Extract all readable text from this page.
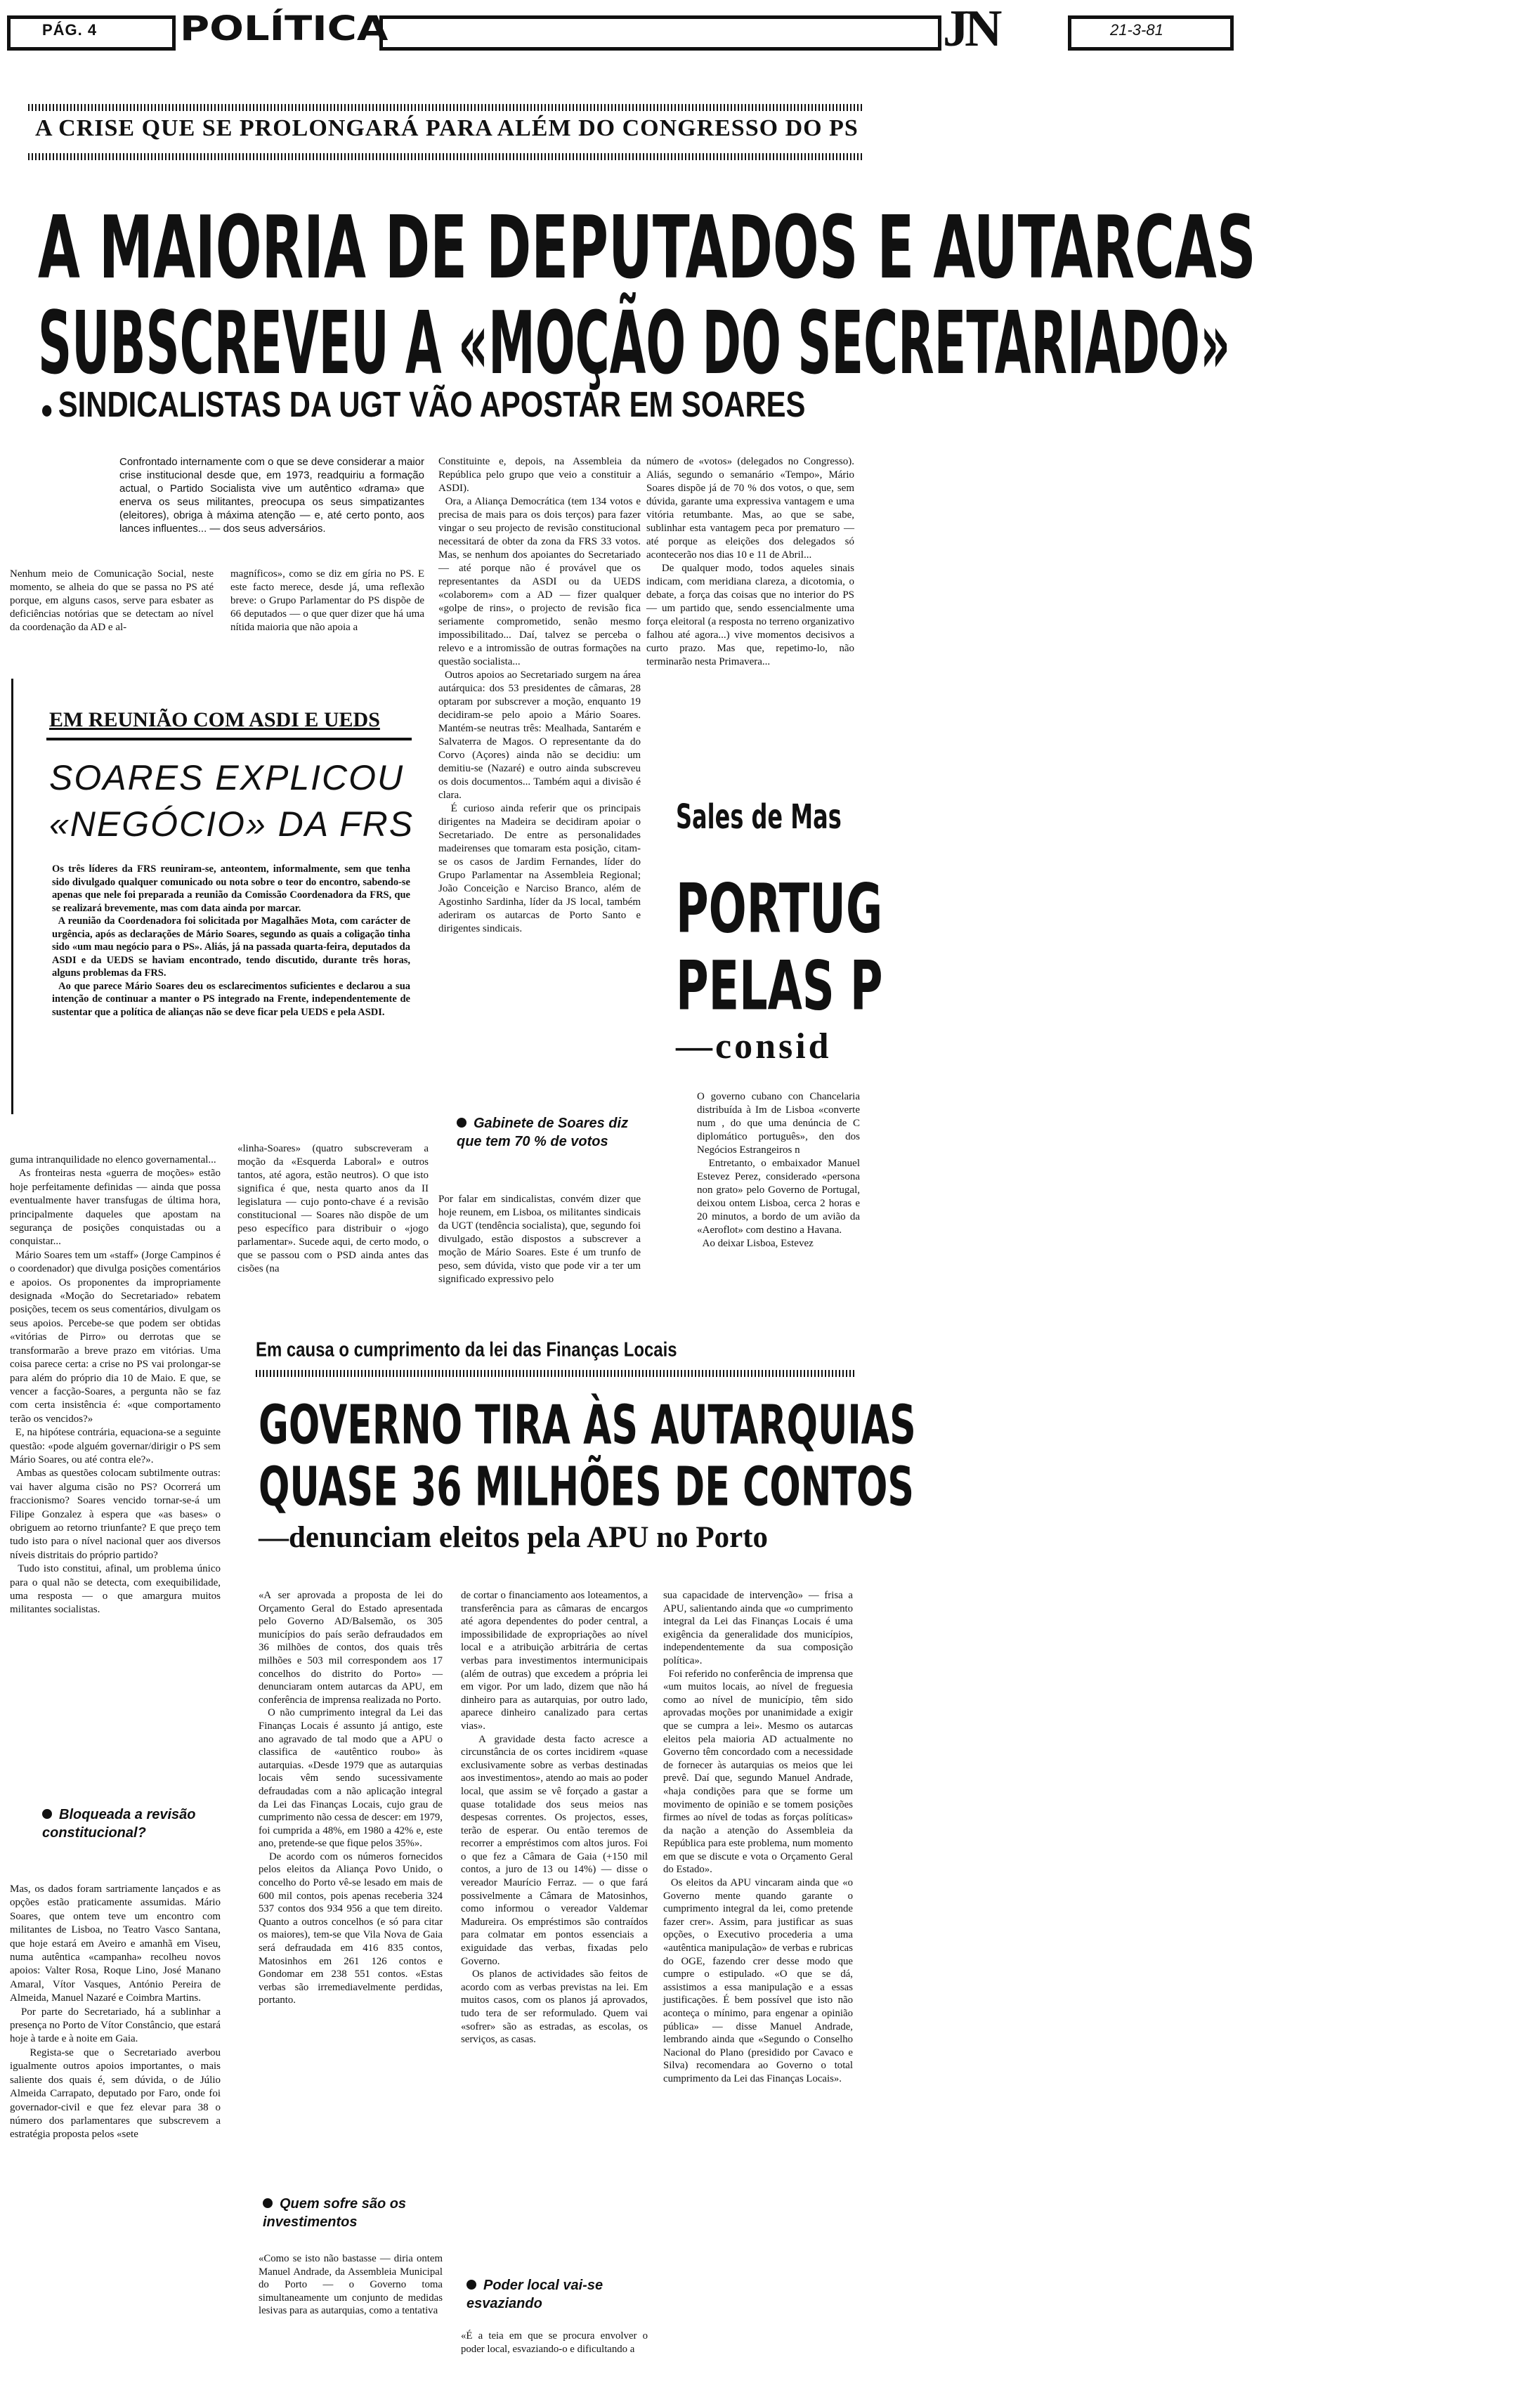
PÁG. 4	POLÍTICA	JN	21-3-81
A CRISE QUE SE PROLONGARÁ PARA ALÉM DO CONGRESSO DO PS
A MAIORIA DE DEPUTADOS E AUTARCAS
SUBSCREVEU A «MOÇÃO DO SECRETARIADO»
SINDICALISTAS DA UGT VÃO APOSTAR EM SOARES
Confrontado internamente com o que se deve considerar a maior crise institucional desde que, em 1973, readquiriu a formação actual, o Partido Socialista vive um autêntico «drama» que enerva os seus militantes, preocupa os seus simpatizantes (eleitores), obriga à máxima atenção — e, até certo ponto, aos lances influentes... — dos seus adversários.
Nenhum meio de Comunicação Social, neste momento, se alheia do que se passa no PS até porque, em alguns casos, serve para esbater as deficiências notórias que se detectam ao nível da coordenação da AD e al-
magníficos», como se diz em gíria no PS. E este facto merece, desde já, uma reflexão breve: o Grupo Parlamentar do PS dispõe de 66 deputados — o que quer dizer que há uma nítida maioria que não apoia a
Constituinte e, depois, na Assembleia da República pelo grupo que veio a constituir a ASDI).
Ora, a Aliança Democrática (tem 134 votos e precisa de mais para os dois terços) para fazer vingar o seu projecto de revisão constitucional necessitará de obter da zona da FRS 33 votos. Mas, se nenhum dos apoiantes do Secretariado — até porque não é provável que os representantes da ASDI ou da UEDS «colaborem» com a AD — fizer qualquer «golpe de rins», o projecto de revisão fica seriamente comprometido, senão mesmo impossibilitado... Daí, talvez se perceba o relevo e a intromissão de outras formações na questão socialista...
Outros apoios ao Secretariado surgem na área autárquica: dos 53 presidentes de câmaras, 28 optaram por subscrever a moção, enquanto 19 decidiram-se pelo apoio a Mário Soares. Mantém-se neutras três: Mealhada, Santarém e Salvaterra de Magos. O representante da do Corvo (Açores) ainda não se decidiu: um demitiu-se (Nazaré) e outro ainda subscreveu os dois documentos... Também aqui a divisão é clara.
É curioso ainda referir que os principais dirigentes na Madeira se decidiram apoiar o Secretariado. De entre as personalidades madeirenses que tomaram esta posição, citam-se os casos de Jardim Fernandes, líder do Grupo Parlamentar na Assembleia Regional; João Conceição e Narciso Branco, além de Agostinho Sardinha, líder da JS local, também aderiram os autarcas de Porto Santo e dirigentes sindicais.
número de «votos» (delegados no Congresso). Aliás, segundo o semanário «Tempo», Mário Soares dispõe já de 70 % dos votos, o que, sem dúvida, garante uma expressiva vantagem e uma vitória retumbante. Mas, ao que se sabe, sublinhar esta vantagem peca por prematuro — até porque as eleições dos delegados só acontecerão nos dias 10 e 11 de Abril...
De qualquer modo, todos aqueles sinais indicam, com meridiana clareza, a dicotomia, o debate, a força das coisas que no interior do PS — um partido que, sendo essencialmente uma força eleitoral (a resposta no terreno organizativo falhou até agora...) vive momentos decisivos a curto prazo. Mas que, repetimo-lo, não terminarão nesta Primavera...
EM REUNIÃO COM ASDI E UEDS
SOARES EXPLICOU «NEGÓCIO» DA FRS
Os três líderes da FRS reuniram-se, anteontem, informalmente, sem que tenha sido divulgado qualquer comunicado ou nota sobre o teor do encontro, sabendo-se apenas que nele foi preparada a reunião da Comissão Coordenadora da FRS, que se realizará brevemente, mas com data ainda por marcar.
A reunião da Coordenadora foi solicitada por Magalhães Mota, com carácter de urgência, após as declarações de Mário Soares, segundo as quais a coligação tinha sido «um mau negócio para o PS». Aliás, já na passada quarta-feira, deputados da ASDI e da UEDS se haviam encontrado, tendo discutido, durante três horas, alguns problemas da FRS.
Ao que parece Mário Soares deu os esclarecimentos suficientes e declarou a sua intenção de continuar a manter o PS integrado na Frente, independentemente de sustentar que a política de alianças não se deve ficar pela UEDS e pela ASDI.
guma intranquilidade no elenco governamental...
As fronteiras nesta «guerra de moções» estão hoje perfeitamente definidas — ainda que possa eventualmente haver transfugas de última hora, principalmente daqueles que apostam na segurança de posições conquistadas ou a conquistar...
Mário Soares tem um «staff» (Jorge Campinos é o coordenador) que divulga posições comentários e apoios. Os proponentes da impropriamente designada «Moção do Secretariado» rebatem posições, tecem os seus comentários, divulgam os seus apoios. Percebe-se que podem ser obtidas «vitórias de Pirro» ou derrotas que se transformarão a breve prazo em vitórias. Uma coisa parece certa: a crise no PS vai prolongar-se para além do próprio dia 10 de Maio. E que, se vencer a facção-Soares, a pergunta não se faz com certa insistência é: «que comportamento terão os vencidos?»
E, na hipótese contrária, equaciona-se a seguinte questão: «pode alguém governar/dirigir o PS sem Mário Soares, ou até contra ele?».
Ambas as questões colocam subtilmente outras: vai haver alguma cisão no PS? Ocorrerá um fraccionismo? Soares vencido tornar-se-á um Filipe Gonzalez à espera que «as bases» o obriguem ao retorno triunfante? E que preço tem tudo isto para o nível nacional quer aos diversos níveis distritais do próprio partido?
Tudo isto constitui, afinal, um problema único para o qual não se detecta, com exequibilidade, uma resposta — o que amargura muitos militantes socialistas.
«linha-Soares» (quatro subscreveram a moção da «Esquerda Laboral» e outros tantos, até agora, estão neutros). O que isto significa é que, nesta quarto anos da II legislatura — cujo ponto-chave é a revisão constitucional — Soares não dispõe de um peso específico para distribuir o «jogo parlamentar». Sucede aqui, de certo modo, o que se passou com o PSD ainda antes das cisões (na
Gabinete de Soares diz que tem 70 % de votos
Por falar em sindicalistas, convém dizer que hoje reunem, em Lisboa, os militantes sindicais da UGT (tendência socialista), que, segundo foi divulgado, estão dispostos a subscrever a moção de Mário Soares. Este é um trunfo de peso, sem dúvida, visto que pode vir a ter um significado expressivo pelo
Bloqueada a revisão constitucional?
Mas, os dados foram sartriamente lançados e as opções estão praticamente assumidas. Mário Soares, que ontem teve um encontro com militantes de Lisboa, no Teatro Vasco Santana, que hoje estará em Aveiro e amanhã em Viseu, numa autêntica «campanha» recolheu novos apoios: Valter Rosa, Roque Lino, José Manano Amaral, Vítor Vasques, António Pereira de Almeida, Manuel Nazaré e Coimbra Martins.
Por parte do Secretariado, há a sublinhar a presença no Porto de Vítor Constâncio, que estará hoje à tarde e à noite em Gaia.
Regista-se que o Secretariado averbou igualmente outros apoios importantes, o mais saliente dos quais é, sem dúvida, o de Júlio Almeida Carrapato, deputado por Faro, onde foi governador-civil e que fez elevar para 38 o número dos parlamentares que subscrevem a estratégia proposta pelos «sete
Sales de Mas
PORTUG
PELAS P
—consid
O governo cubano con Chancelaria distribuída à Im de Lisboa «converte num , do que uma denúncia de C diplomático português», den dos Negócios Estrangeiros n
Entretanto, o embaixador Manuel Estevez Perez, considerado «persona non grato» pelo Governo de Portugal, deixou ontem Lisboa, cerca 2 horas e 20 minutos, a bordo de um avião da «Aeroflot» com destino a Havana.
Ao deixar Lisboa, Estevez
Em causa o cumprimento da lei das Finanças Locais
GOVERNO TIRA ÀS AUTARQUIAS
QUASE 36 MILHÕES DE CONTOS
—denunciam eleitos pela APU no Porto
«A ser aprovada a proposta de lei do Orçamento Geral do Estado apresentada pelo Governo AD/Balsemão, os 305 municípios do país serão defraudados em 36 milhões de contos, dos quais três milhões e 503 mil correspondem aos 17 concelhos do distrito do Porto» — denunciaram ontem autarcas da APU, em conferência de imprensa realizada no Porto.
O não cumprimento integral da Lei das Finanças Locais é assunto já antigo, este ano agravado de tal modo que a APU o classifica de «autêntico roubo» às autarquias. «Desde 1979 que as autarquias locais vêm sendo sucessivamente defraudadas com a não aplicação integral da Lei das Finanças Locais, cujo grau de cumprimento não cessa de descer: em 1979, foi cumprida a 48%, em 1980 a 42% e, este ano, pretende-se que fique pelos 35%».
De acordo com os números fornecidos pelos eleitos da Aliança Povo Unido, o concelho do Porto vê-se lesado em mais de 600 mil contos, pois apenas receberia 324 537 contos dos 934 956 a que tem direito. Quanto a outros concelhos (e só para citar os maiores), tem-se que Vila Nova de Gaia será defraudada em 416 835 contos, Matosinhos em 261 126 contos e Gondomar em 238 551 contos. «Estas verbas são irremediavelmente perdidas, portanto.
Quem sofre são os investimentos
«Como se isto não bastasse — diria ontem Manuel Andrade, da Assembleia Municipal do Porto — o Governo toma simultaneamente um conjunto de medidas lesivas para as autarquias, como a tentativa
de cortar o financiamento aos loteamentos, a transferência para as câmaras de encargos até agora dependentes do poder central, a impossibilidade de expropriações ao nível local e a atribuição arbitrária de certas verbas para investimentos intermunicipais (além de outras) que excedem a própria lei em vigor. Por um lado, dizem que não há dinheiro para as autarquias, por outro lado, aparece dinheiro canalizado para certas vias».
A gravidade desta facto acresce a circunstância de os cortes incidirem «quase exclusivamente sobre as verbas destinadas aos investimentos», atendo ao mais ao poder local, que assim se vê forçado a gastar a quase totalidade dos seus meios nas despesas correntes. Os projectos, esses, terão de esperar. Ou então teremos de recorrer a empréstimos com altos juros. Foi o que fez a Câmara de Gaia (+150 mil contos, a juro de 13 ou 14%) — disse o vereador Maurício Ferraz. — o que fará possivelmente a Câmara de Matosinhos, como informou o vereador Valdemar Madureira. Os empréstimos são contraídos para colmatar em pontos essenciais a exiguidade das verbas, fixadas pelo Governo.
Os planos de actividades são feitos de acordo com as verbas previstas na lei. Em muitos casos, com os planos já aprovados, tudo tera de ser reformulado. Quem vai «sofrer» são as estradas, as escolas, os serviços, as casas.
Poder local vai-se esvaziando
«É a teia em que se procura envolver o poder local, esvaziando-o e dificultando a
sua capacidade de intervenção» — frisa a APU, salientando ainda que «o cumprimento integral da Lei das Finanças Locais é uma exigência da generalidade dos municípios, independentemente da sua composição política».
Foi referido no conferência de imprensa que «um muitos locais, ao nível de freguesia como ao nível de município, têm sido aprovadas moções por unanimidade a exigir que se cumpra a lei». Mesmo os autarcas eleitos pela maioria AD actualmente no Governo têm concordado com a necessidade de fornecer às autarquias os meios que lei prevê. Daí que, segundo Manuel Andrade, «haja condições para que se forme um movimento de opinião e se tomem posições firmes ao nível de todas as forças políticas» da nação a atenção do Assembleia da República para este problema, num momento em que se discute e vota o Orçamento Geral do Estado».
Os eleitos da APU vincaram ainda que «o Governo mente quando garante o cumprimento integral da lei, como pretende fazer crer». Assim, para justificar as suas opções, o Executivo procederia a uma «autêntica manipulação» de verbas e rubricas do OGE, fazendo crer desse modo que cumpre o estipulado. «O que se dá, assistimos a essa manipulação e a essas justificações. É bem possível que isto não aconteça o mínimo, para engenar a opinião pública» — disse Manuel Andrade, lembrando ainda que «Segundo o Conselho Nacional do Plano (presidido por Cavaco e Silva) recomendara ao Governo o total cumprimento da Lei das Finanças Locais».
